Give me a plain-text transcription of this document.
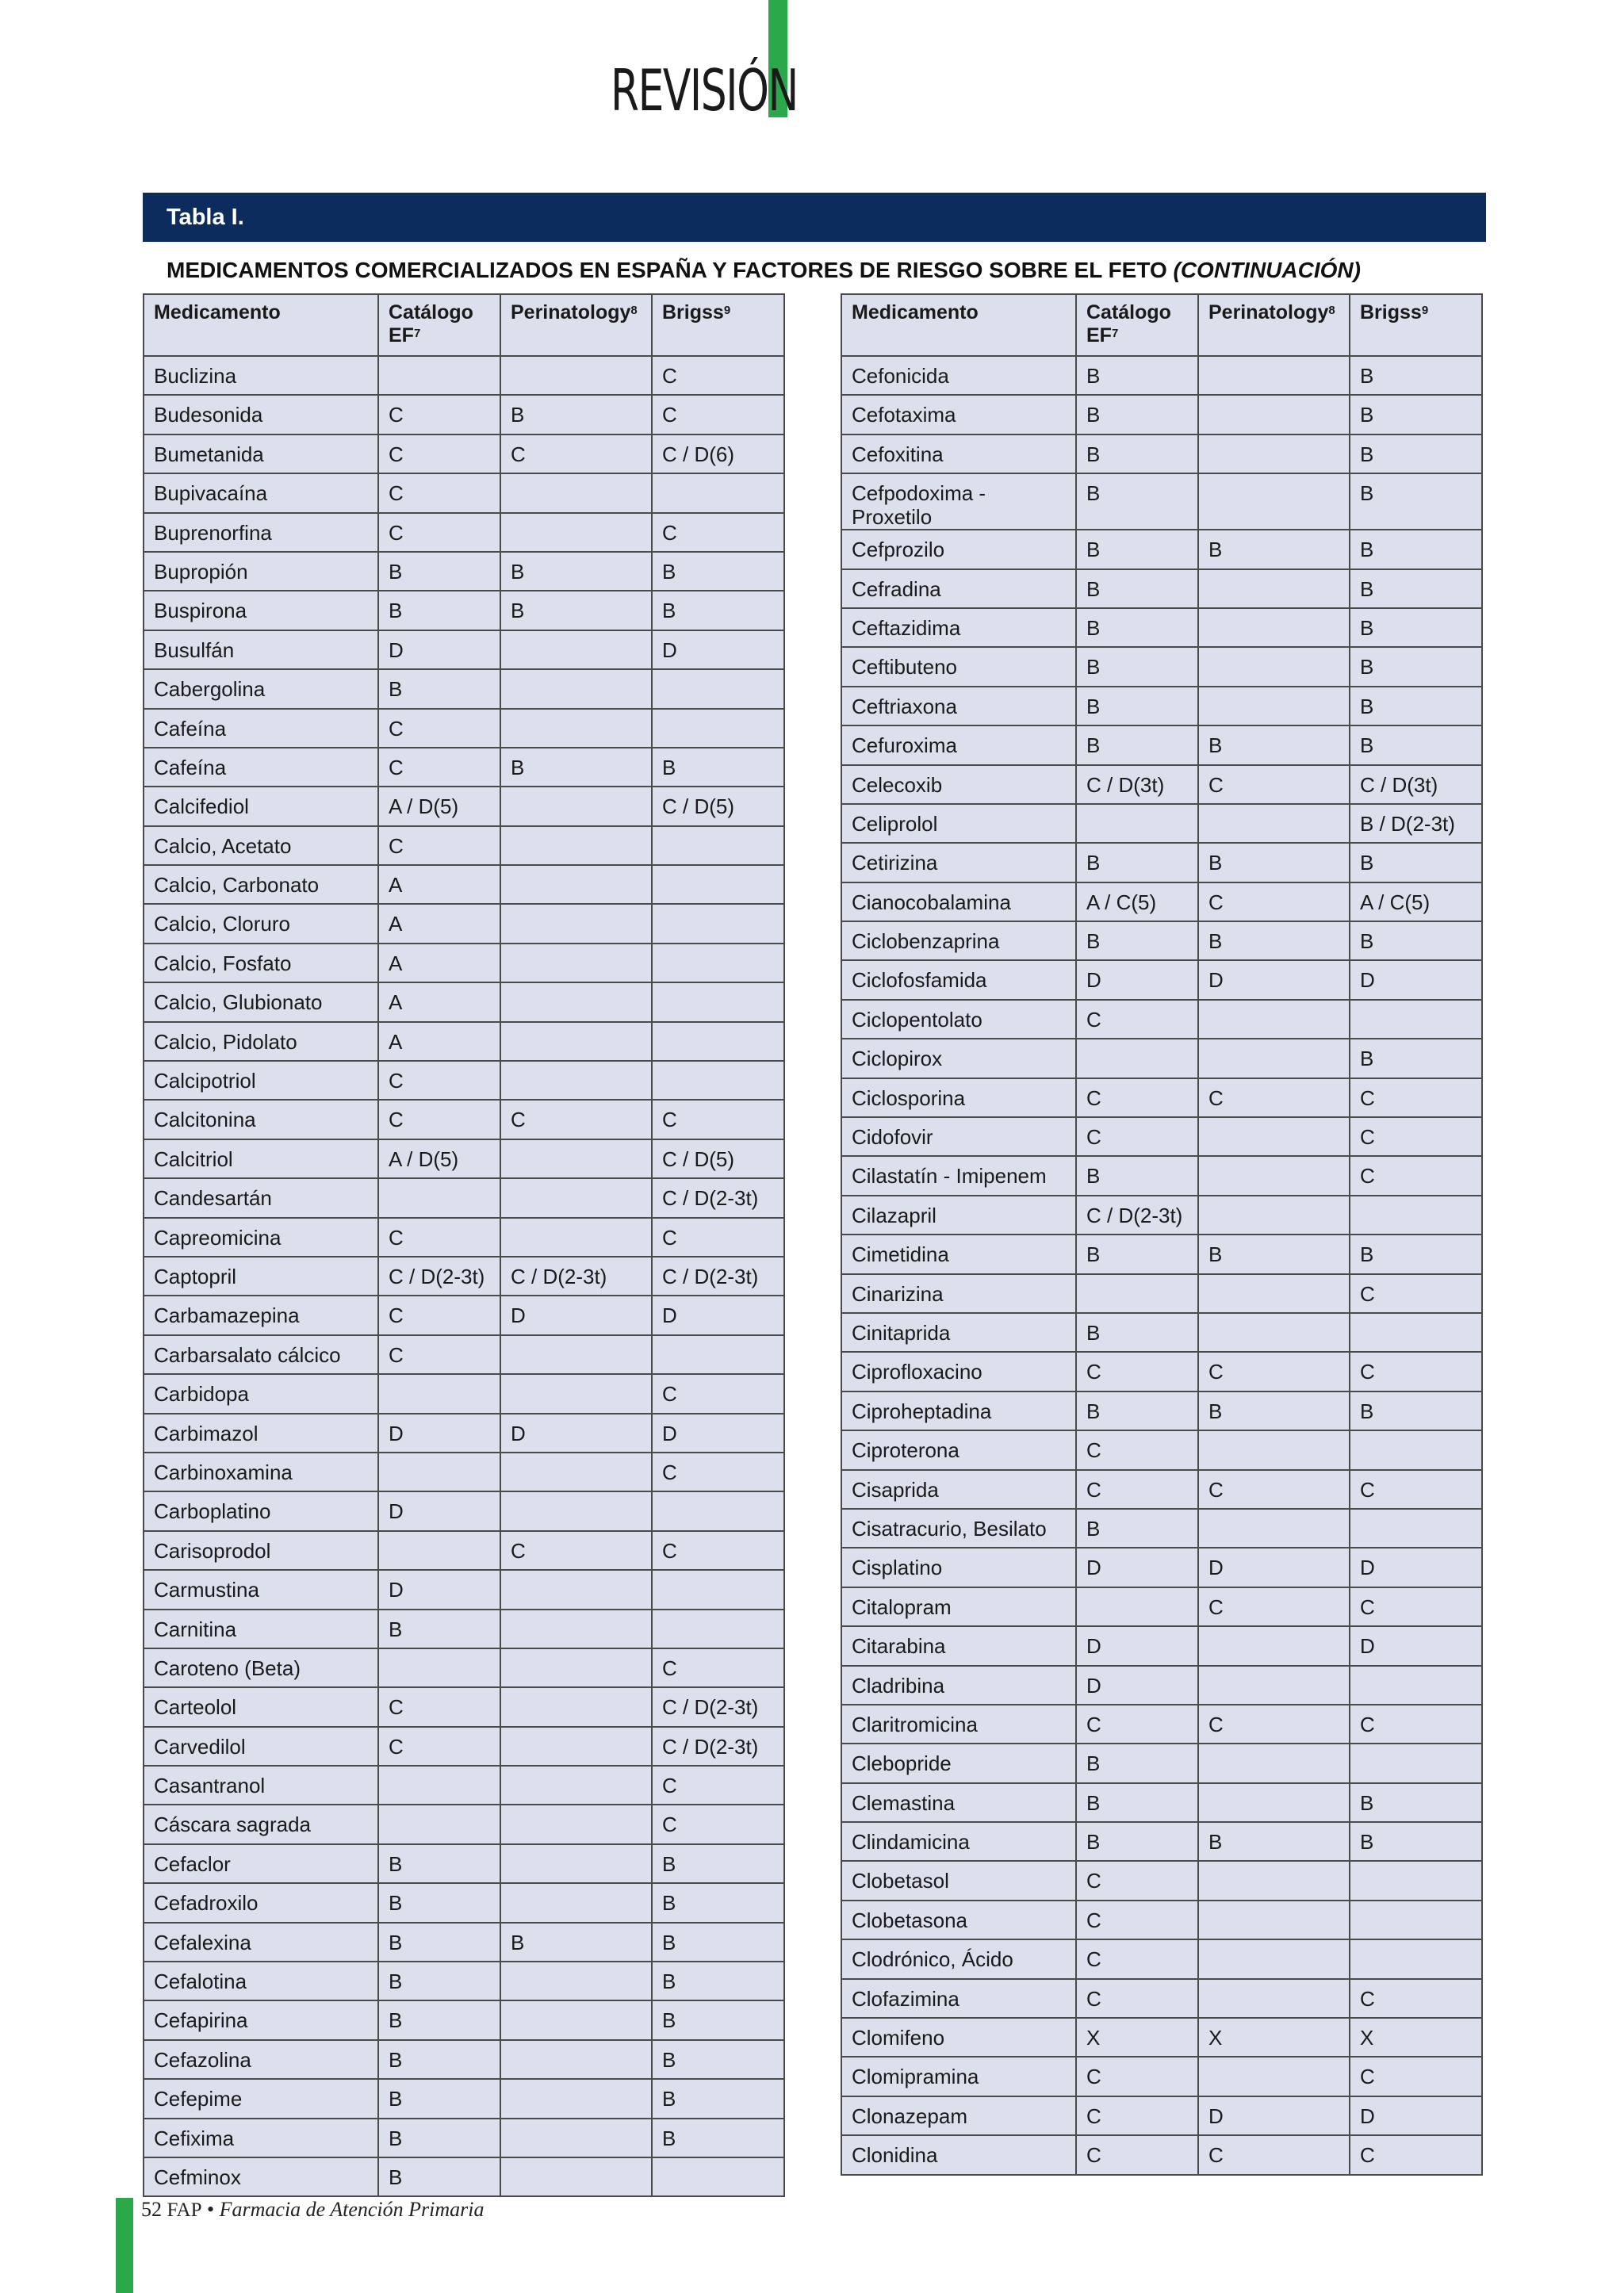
REVISIÓN
Tabla I.
MEDICAMENTOS COMERCIALIZADOS EN ESPAÑA Y FACTORES DE RIESGO SOBRE EL FETO (CONTINUACIÓN)
Medicamento	Catálogo $EF^7$	Perinatology$^8$	Brigss$^9$
Buclizina			C
Budesonida	C	B	C
Bumetanida	C	C	C / D(6)
Bupivacaína	C		
Buprenorfina	C		C
Bupropión	B	B	B
Buspirona	B	B	B
Busulfán	D		D
Cabergolina	B		
Cafeína	C		
Cafeína	C	B	B
Calcifediol	A / D(5)		C / D(5)
Calcio, Acetato	C		
Calcio, Carbonato	A		
Calcio, Cloruro	A		
Calcio, Fosfato	A		
Calcio, Glubionato	A		
Calcio, Pidolato	A		
Calcipotriol	C		
Calcitonina	C	C	C
Calcitriol	A / D(5)		C / D(5)
Candesartán			C / D(2-3t)
Capreomicina	C		C
Captopril	C / D(2-3t)	C / D(2-3t)	C / D(2-3t)
Carbamazepina	C	D	D
Carbarsalato cálcico	C		
Carbidopa			C
Carbimazol	D	D	D
Carbinoxamina			C
Carboplatino	D		
Carisoprodol		C	C
Carmustina	D		
Carnitina	B		
Caroteno (Beta)			C
Carteolol	C		C / D(2-3t)
Carvedilol	C		C / D(2-3t)
Casantranol			C
Cáscara sagrada			C
Cefaclor	B		B
Cefadroxilo	B		B
Cefalexina	B	B	B
Cefalotina	B		B
Cefapirina	B		B
Cefazolina	B		B
Cefepime	B		B
Cefixima	B		B
Cefminox	B		
Medicamento	Catálogo $EF^7$	Perinatology$^8$	Brigss$^9$
Cefonicida	B		B
Cefotaxima	B		B
Cefoxitina	B		B
Cefpodoxima - Proxetilo	B		B
Cefprozilo	B	B	B
Cefradina	B		B
Ceftazidima	B		B
Ceftibuteno	B		B
Ceftriaxona	B		B
Cefuroxima	B	B	B
Celecoxib	C / D(3t)	C	C / D(3t)
Celiprolol			B / D(2-3t)
Cetirizina	B	B	B
Cianocobalamina	A / C(5)	C	A / C(5)
Ciclobenzaprina	B	B	B
Ciclofosfamida	D	D	D
Ciclopentolato	C		
Ciclopirox			B
Ciclosporina	C	C	C
Cidofovir	C		C
Cilastatín - Imipenem	B		C
Cilazapril	C / D(2-3t)		
Cimetidina	B	B	B
Cinarizina			C
Cinitaprida	B		
Ciprofloxacino	C	C	C
Ciproheptadina	B	B	B
Ciproterona	C		
Cisaprida	C	C	C
Cisatracurio, Besilato	B		
Cisplatino	D	D	D
Citalopram		C	C
Citarabina	D		D
Cladribina	D		
Claritromicina	C	C	C
Clebopride	B		
Clemastina	B		B
Clindamicina	B	B	B
Clobetasol	C		
Clobetasona	C		
Clodrónico, Ácido	C		
Clofazimina	C		C
Clomifeno	X	X	X
Clomipramina	C		C
Clonazepam	C	D	D
Clonidina	C	C	C
52 FAP • Farmacia de Atención Primaria
